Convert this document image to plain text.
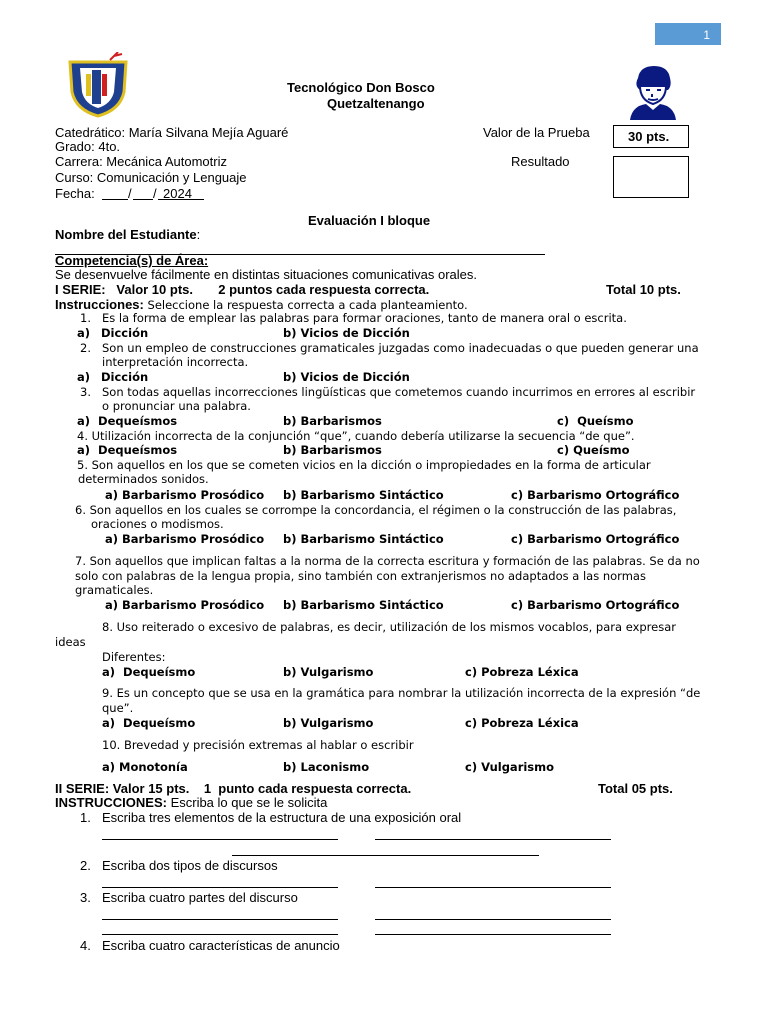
1
Tecnológico Don Bosco
Quetzaltenango
Catedrático: María Silvana Mejía Aguaré
Grado: 4to.
Carrera: Mecánica Automotriz
Curso: Comunicación y Lenguaje
Fecha:	/ / 2024
Valor de la Prueba	30 pts.
Resultado
Evaluación I bloque
Nombre del Estudiante:
Competencia(s) de Área:
Se desenvuelve fácilmente en distintas situaciones comunicativas orales.
I SERIE:   Valor 10 pts.       2 puntos cada respuesta correcta.	Total 10 pts.
Instrucciones: Seleccione la respuesta correcta a cada planteamiento.
1. Es la forma de emplear las palabras para formar oraciones, tanto de manera oral o escrita.
a) Dicción	b) Vicios de Dicción
2. Son un empleo de construcciones gramaticales juzgadas como inadecuadas o que pueden generar una
interpretación incorrecta.
a) Dicción	b) Vicios de Dicción
3. Son todas aquellas incorrecciones lingüísticas que cometemos cuando incurrimos en errores al escribir
o pronunciar una palabra.
a)  Dequeísmos	b) Barbarismos	c)  Queísmo
4. Utilización incorrecta de la conjunción “que”, cuando debería utilizarse la secuencia “de que”.
a)  Dequeísmos	b) Barbarismos	c) Queísmo
5. Son aquellos en los que se cometen vicios en la dicción o impropiedades en la forma de articular
determinados sonidos.
a) Barbarismo Prosódico b) Barbarismo Sintáctico	c) Barbarismo Ortográfico
6. Son aquellos en los cuales se corrompe la concordancia, el régimen o la construcción de las palabras,
oraciones o modismos.
a) Barbarismo Prosódico b) Barbarismo Sintáctico	c) Barbarismo Ortográfico
7. Son aquellos que implican faltas a la norma de la correcta escritura y formación de las palabras. Se da no
solo con palabras de la lengua propia, sino también con extranjerismos no adaptados a las normas
gramaticales.
a) Barbarismo Prosódico b) Barbarismo Sintáctico	c) Barbarismo Ortográfico
8. Uso reiterado o excesivo de palabras, es decir, utilización de los mismos vocablos, para expresar
ideas
Diferentes:
a)  Dequeísmo	b) Vulgarismo	c) Pobreza Léxica
9. Es un concepto que se usa en la gramática para nombrar la utilización incorrecta de la expresión “de
que”.
a)  Dequeísmo	b) Vulgarismo	c) Pobreza Léxica
10. Brevedad y precisión extremas al hablar o escribir
a) Monotonía	b) Laconismo	c) Vulgarismo
II SERIE: Valor 15 pts.    1  punto cada respuesta correcta.	Total 05 pts.
INSTRUCCIONES: Escriba lo que se le solicita
1. Escriba tres elementos de la estructura de una exposición oral
2. Escriba dos tipos de discursos
3. Escriba cuatro partes del discurso
4. Escriba cuatro características de anuncio
